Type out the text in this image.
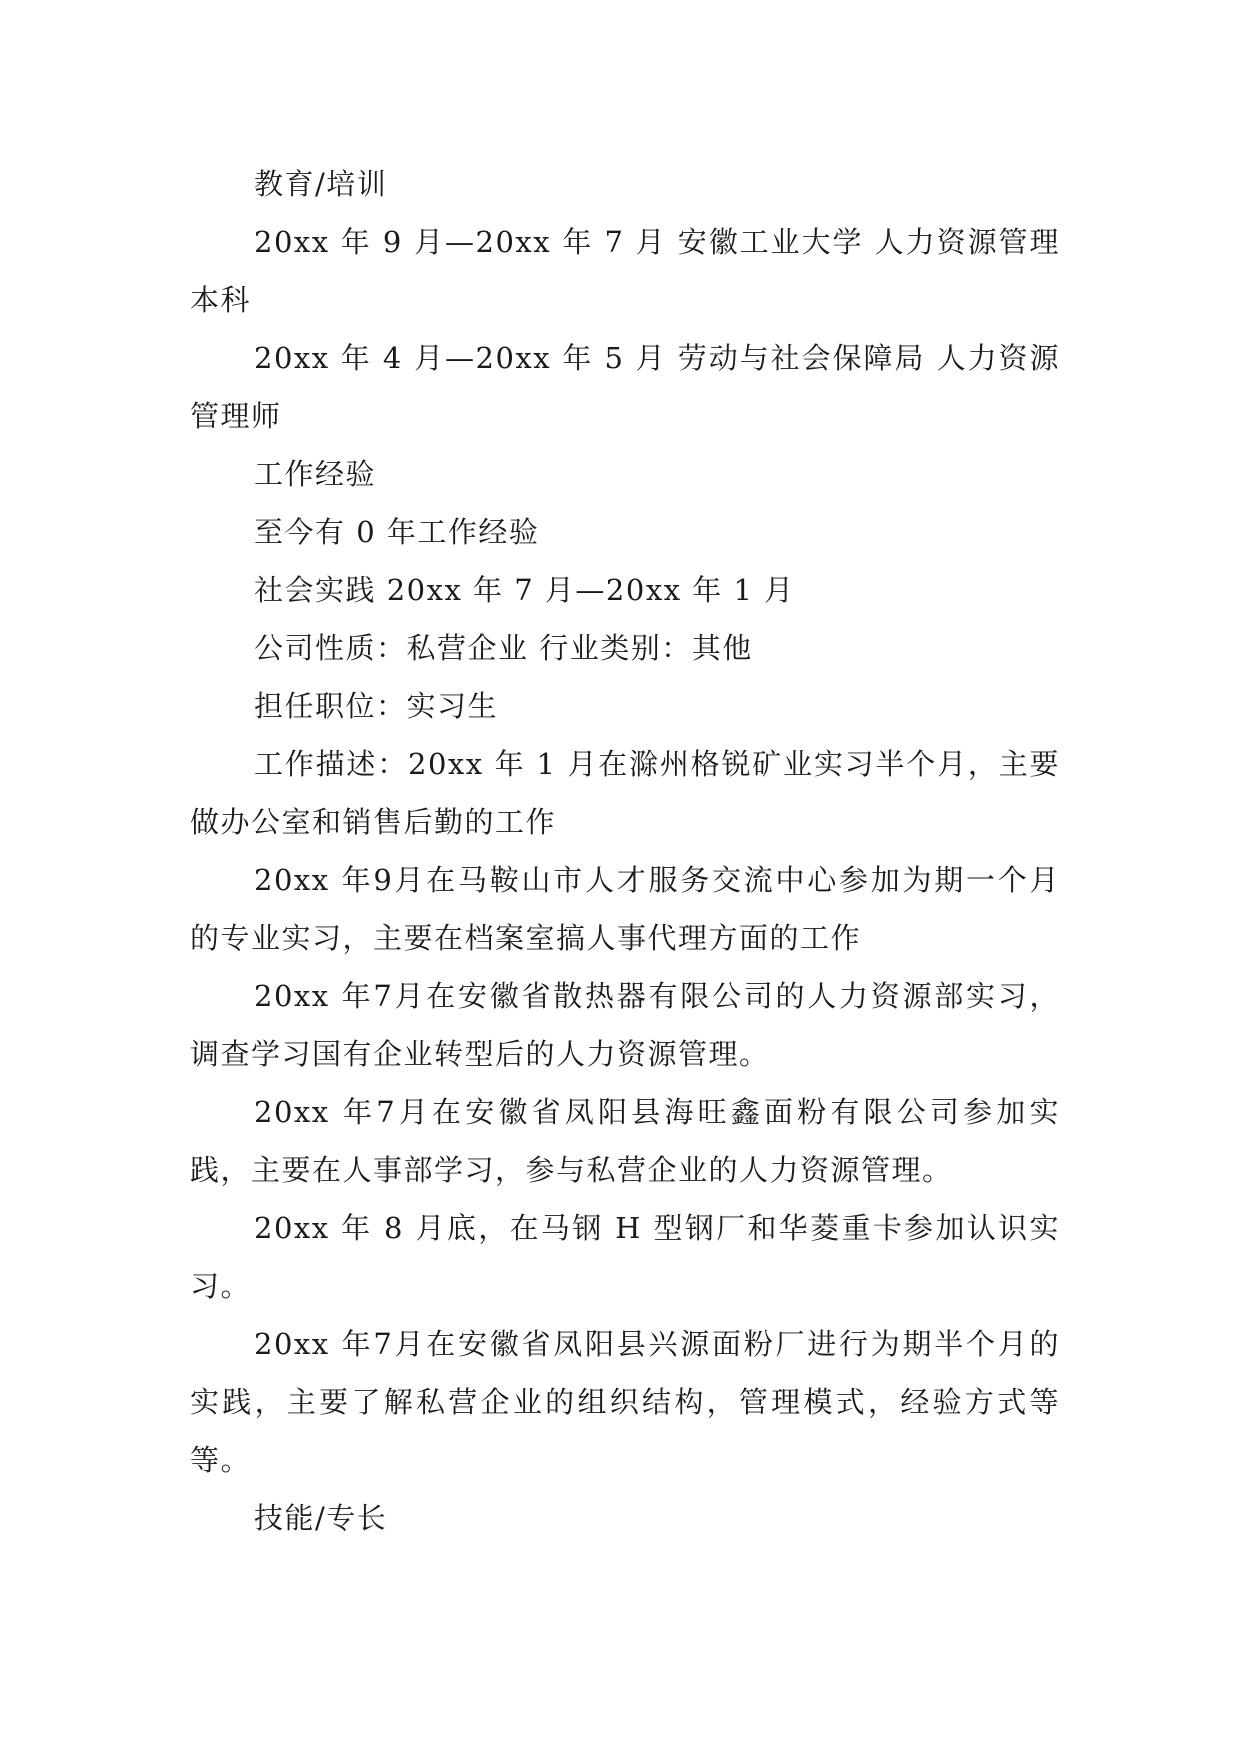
教育/培训

20xx 年 9 月—20xx 年 7 月 安徽工业大学 人力资源管理 本科

20xx 年 4 月—20xx 年 5 月 劳动与社会保障局 人力资源管理师

工作经验

至今有 0 年工作经验

社会实践 20xx 年 7 月—20xx 年 1 月

公司性质：私营企业 行业类别：其他

担任职位：实习生

工作描述：20xx 年 1 月在滁州格锐矿业实习半个月，主要做办公室和销售后勤的工作

20xx 年9月在马鞍山市人才服务交流中心参加为期一个月的专业实习，主要在档案室搞人事代理方面的工作

20xx 年7月在安徽省散热器有限公司的人力资源部实习，调查学习国有企业转型后的人力资源管理。

20xx 年7月在安徽省凤阳县海旺鑫面粉有限公司参加实践，主要在人事部学习，参与私营企业的人力资源管理。

20xx 年 8 月底，在马钢 H 型钢厂和华菱重卡参加认识实习。

20xx 年7月在安徽省凤阳县兴源面粉厂进行为期半个月的实践，主要了解私营企业的组织结构，管理模式，经验方式等等。

技能/专长
